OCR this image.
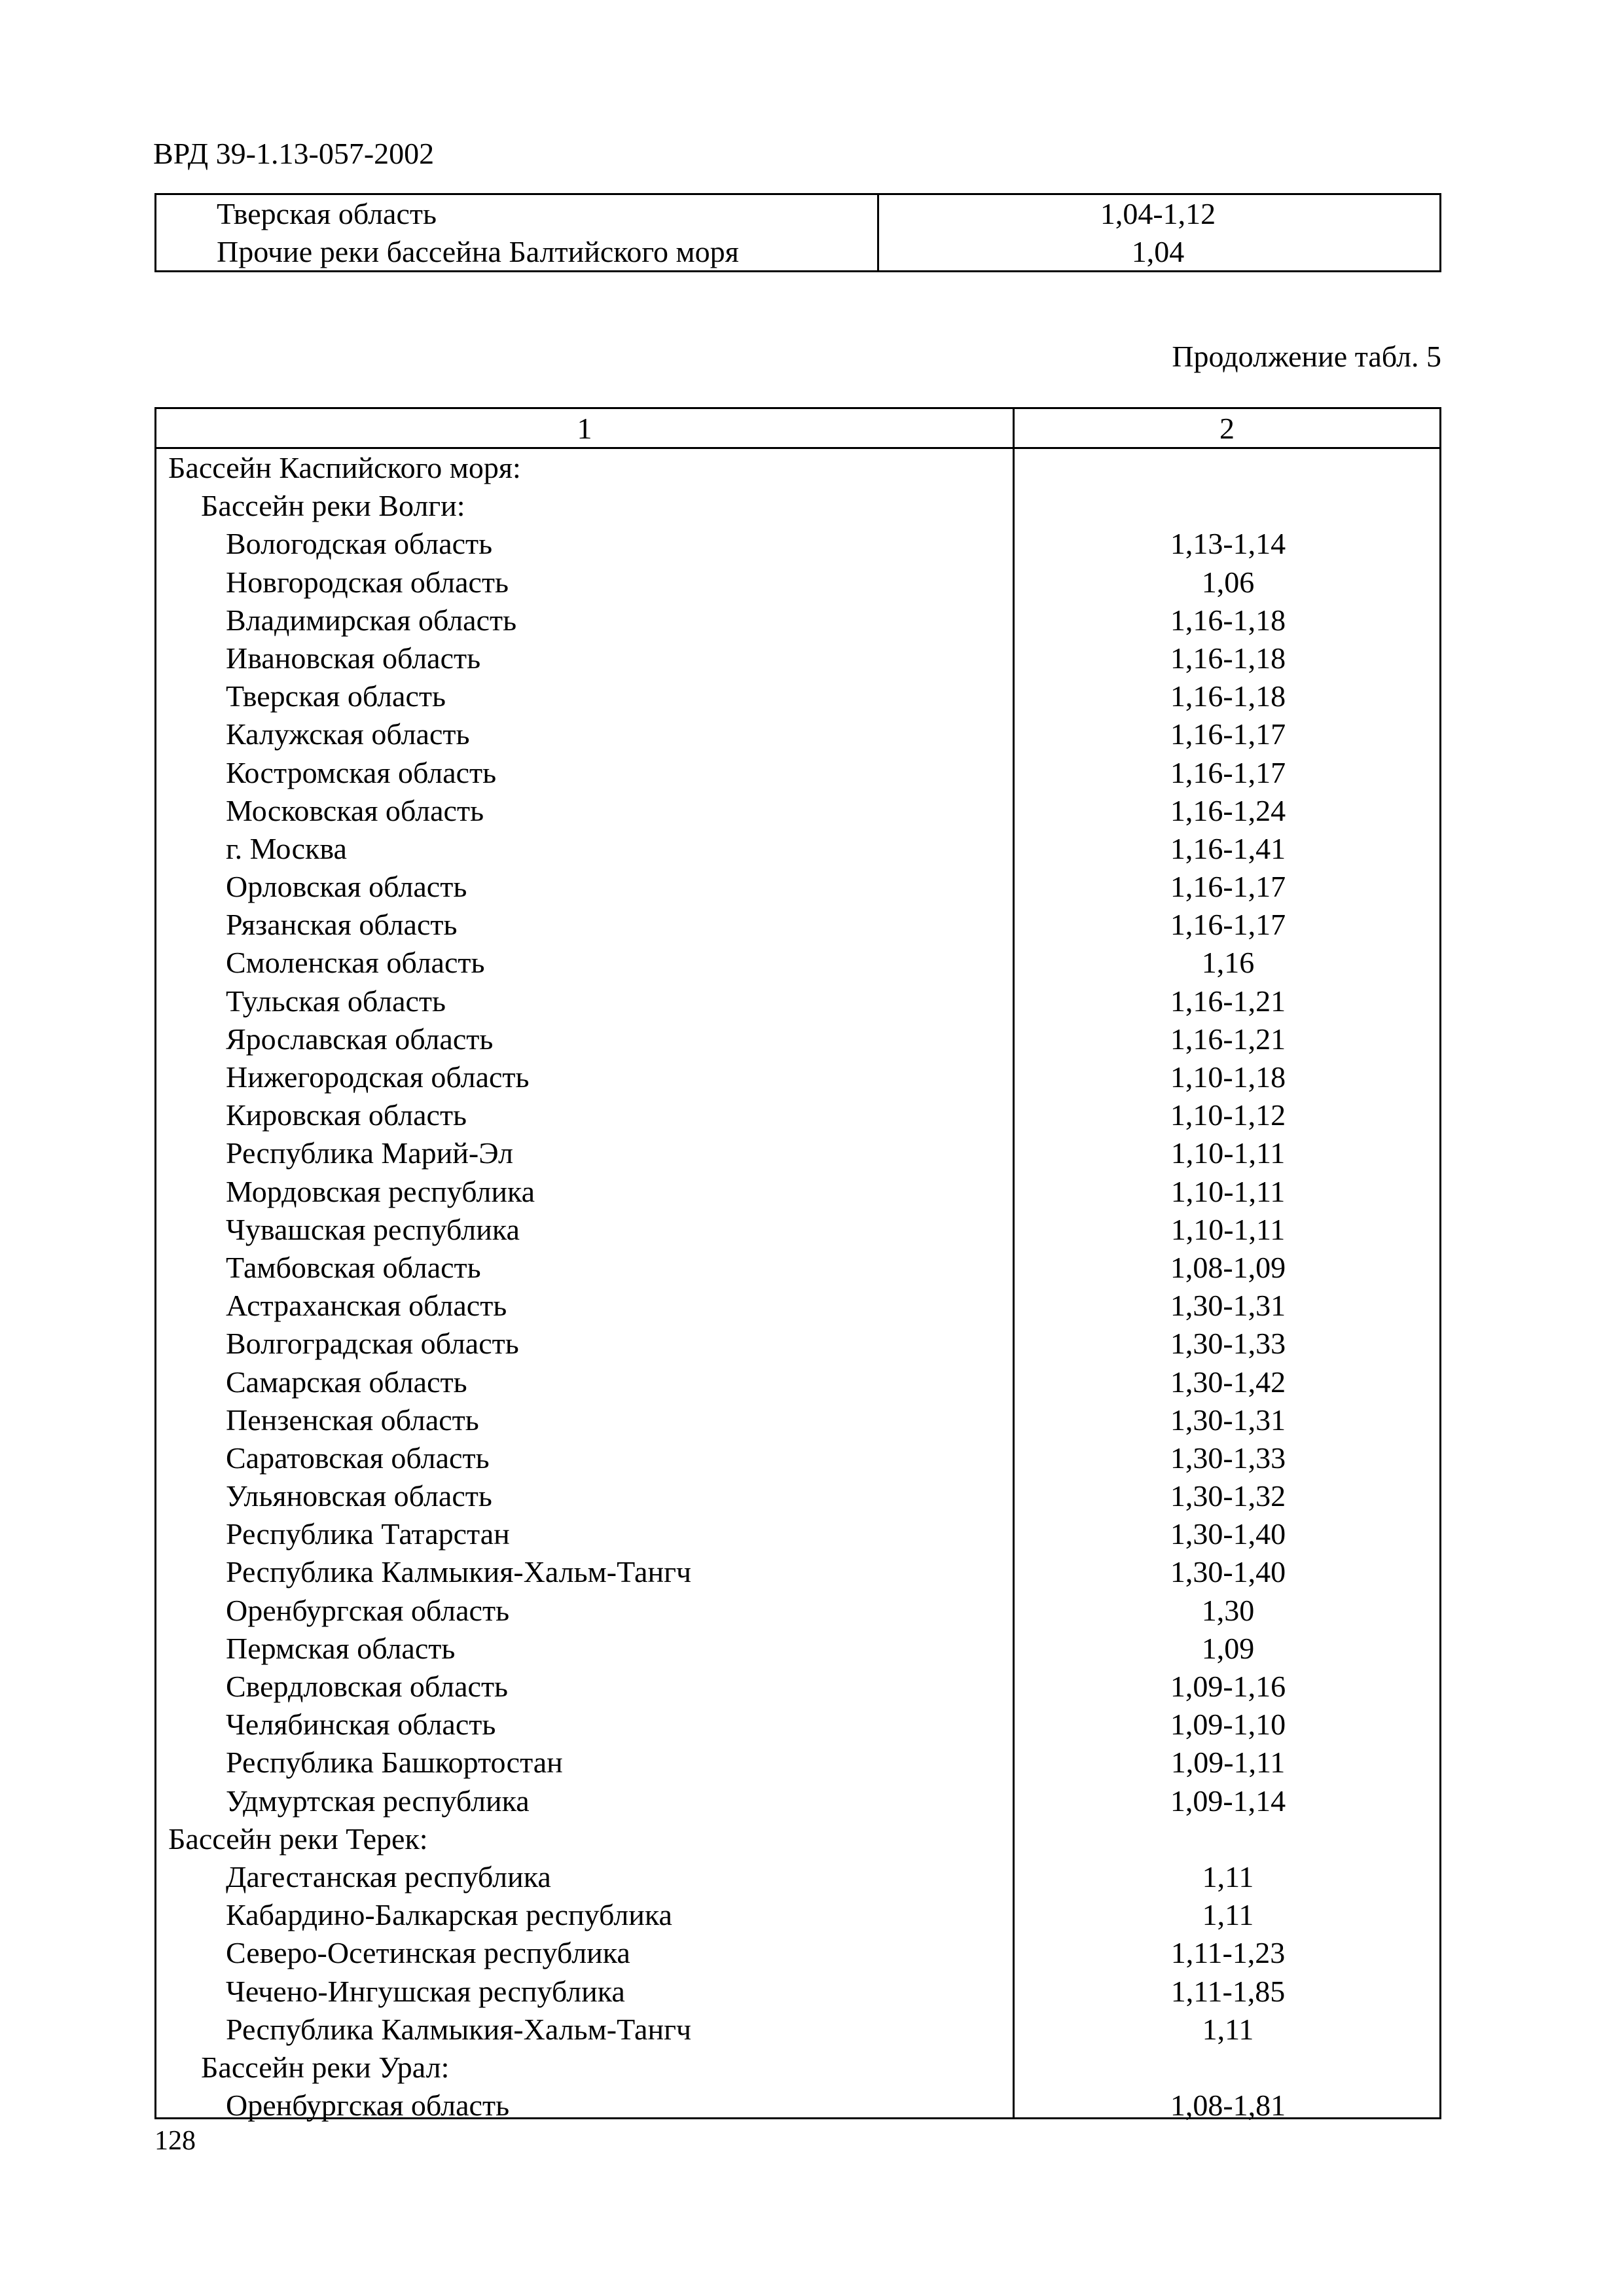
ВРД 39-1.13-057-2002
Тверская область	1,04-1,12
Прочие реки бассейна Балтийского моря	1,04
Продолжение табл. 5
1	2
Бассейн Каспийского моря:
Бассейн реки Волги:
Вологодская область	1,13-1,14
Новгородская область	1,06
Владимирская область	1,16-1,18
Ивановская область	1,16-1,18
Тверская область	1,16-1,18
Калужская область	1,16-1,17
Костромская область	1,16-1,17
Московская область	1,16-1,24
г. Москва	1,16-1,41
Орловская область	1,16-1,17
Рязанская область	1,16-1,17
Смоленская область	1,16
Тульская область	1,16-1,21
Ярославская область	1,16-1,21
Нижегородская область	1,10-1,18
Кировская область	1,10-1,12
Республика Марий-Эл	1,10-1,11
Мордовская республика	1,10-1,11
Чувашская республика	1,10-1,11
Тамбовская область	1,08-1,09
Астраханская область	1,30-1,31
Волгоградская область	1,30-1,33
Самарская область	1,30-1,42
Пензенская область	1,30-1,31
Саратовская область	1,30-1,33
Ульяновская область	1,30-1,32
Республика Татарстан	1,30-1,40
Республика Калмыкия-Хальм-Тангч	1,30-1,40
Оренбургская область	1,30
Пермская область	1,09
Свердловская область	1,09-1,16
Челябинская область	1,09-1,10
Республика Башкортостан	1,09-1,11
Удмуртская республика	1,09-1,14
Бассейн реки Терек:
Дагестанская республика	1,11
Кабардино-Балкарская республика	1,11
Северо-Осетинская республика	1,11-1,23
Чечено-Ингушская республика	1,11-1,85
Республика Калмыкия-Хальм-Тангч	1,11
Бассейн реки Урал:
Оренбургская область	1,08-1,81
128
